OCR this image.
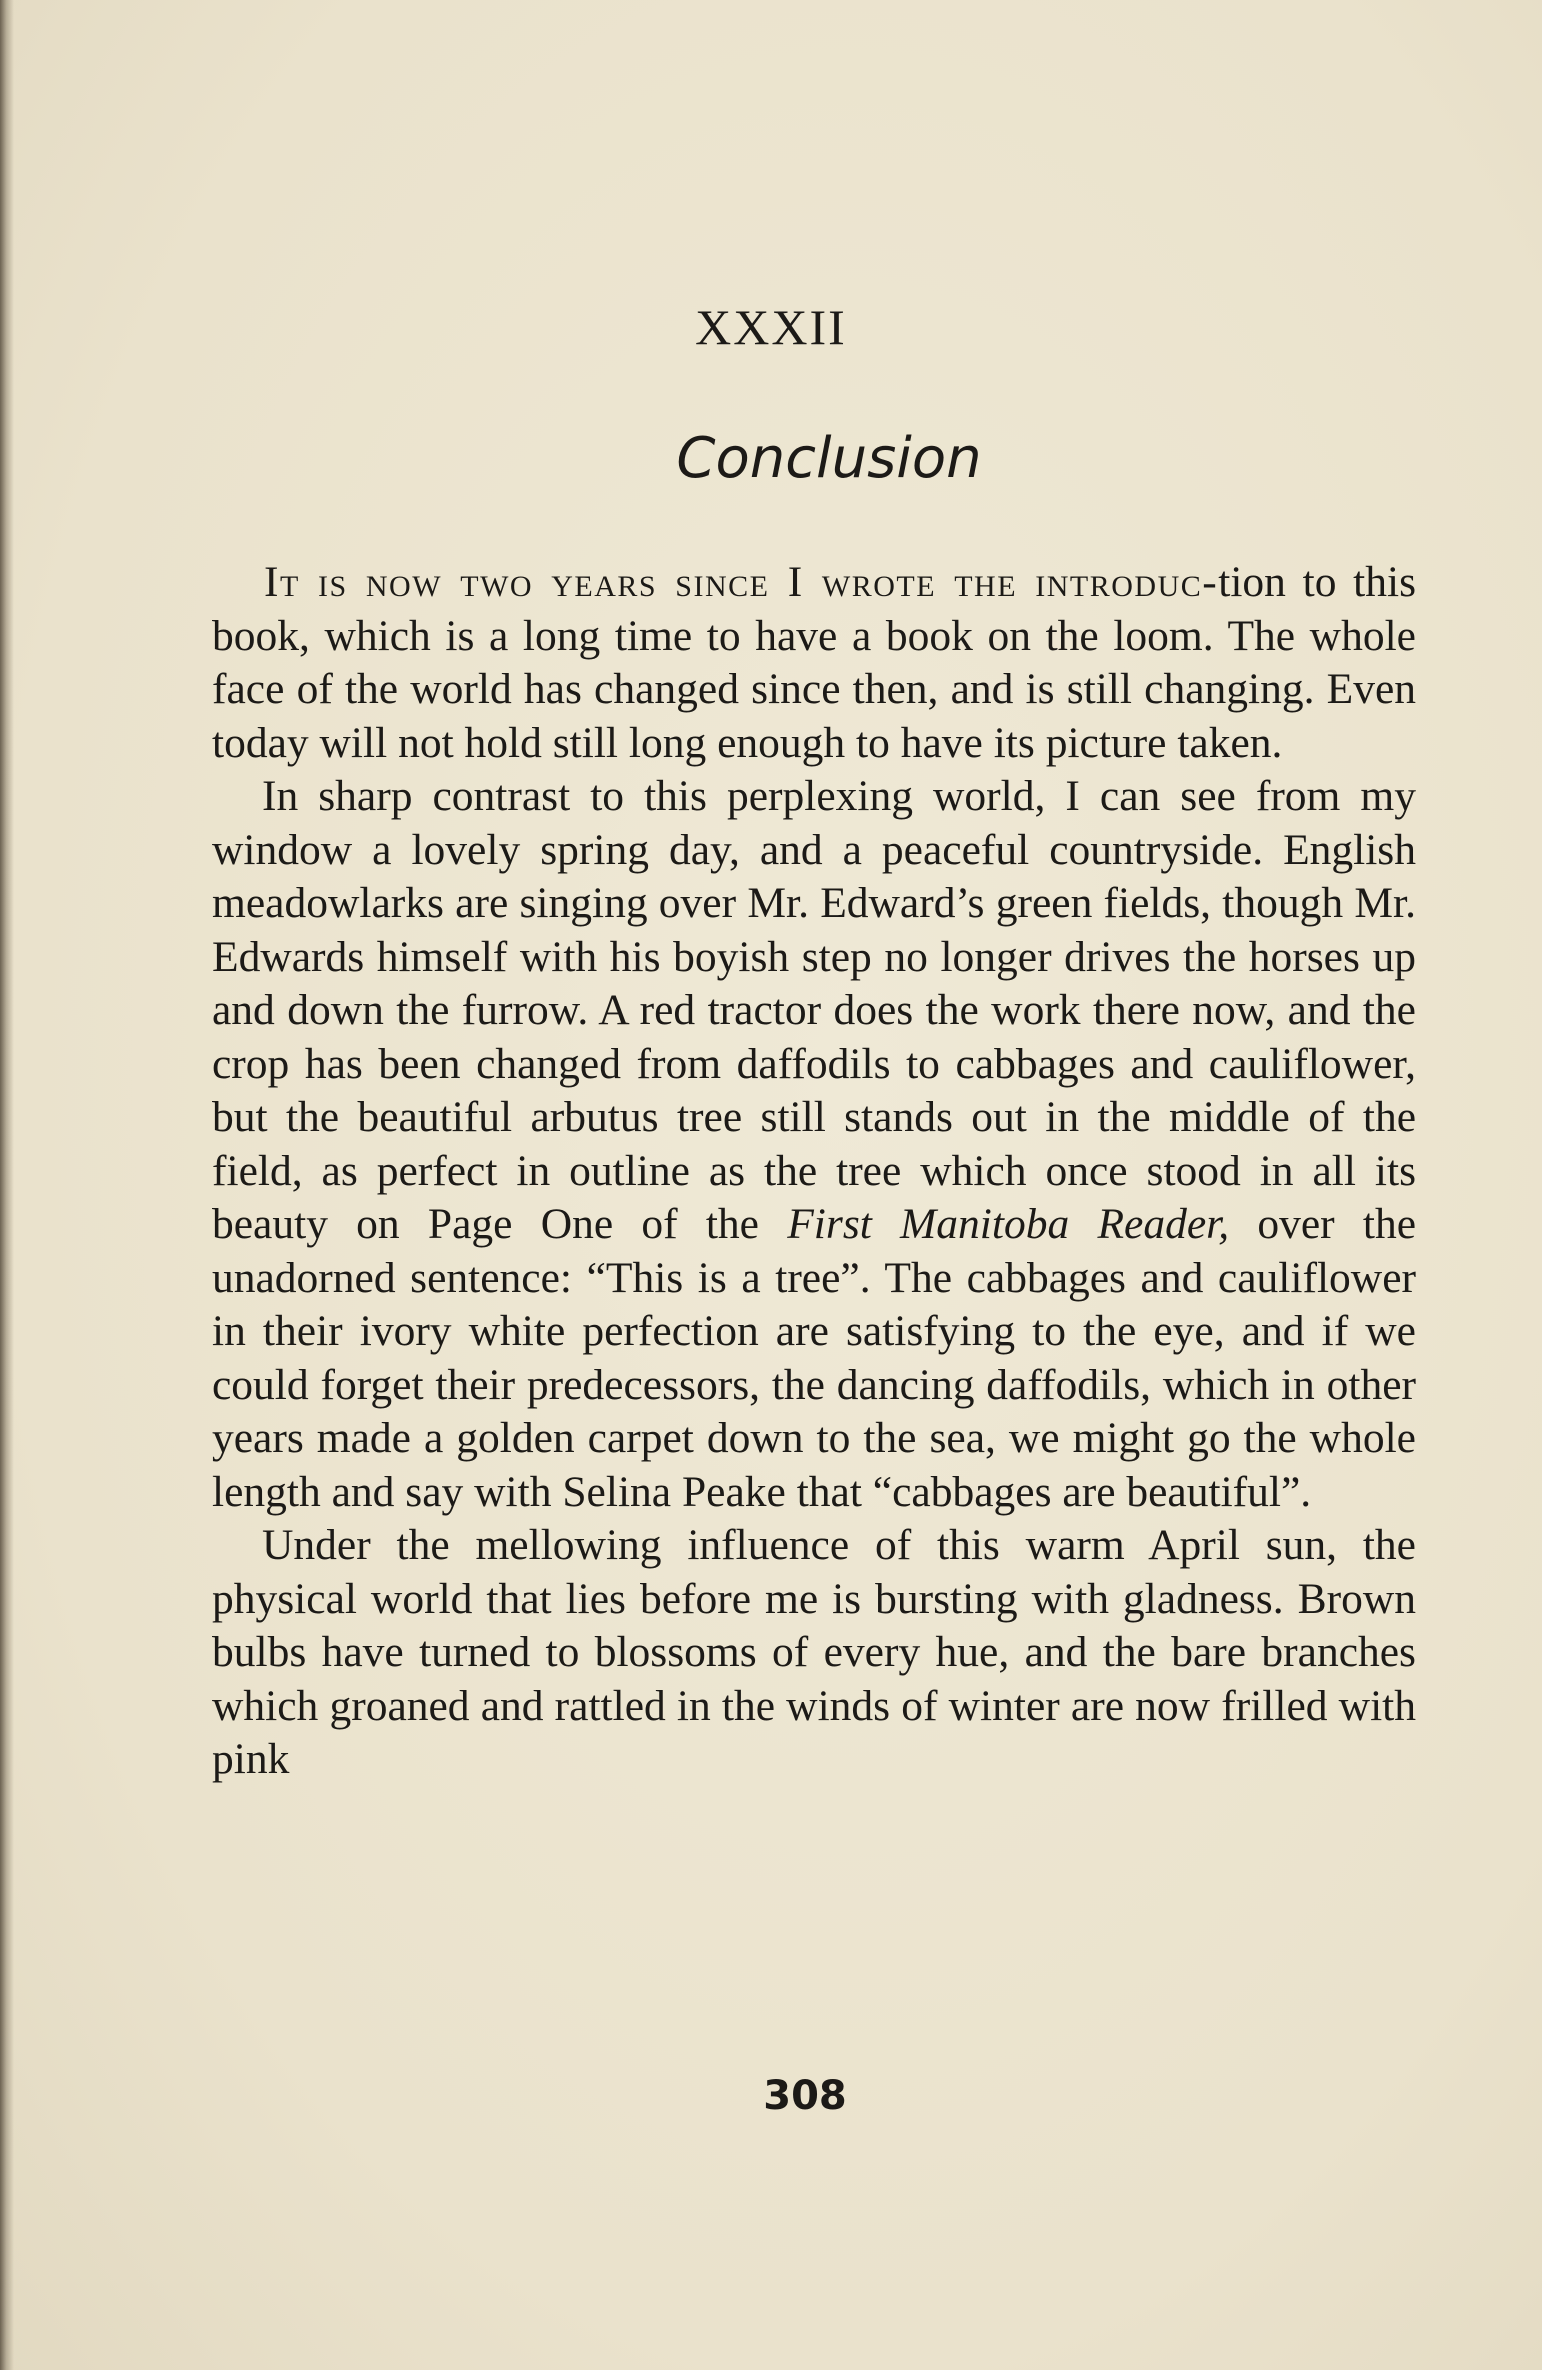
XXXII
Conclusion

It is now two years since I wrote the introduc-tion to this book, which is a long time to have a book on the loom. The whole face of the world has changed since then, and is still changing. Even today will not hold still long enough to have its picture taken.

In sharp contrast to this perplexing world, I can see from my window a lovely spring day, and a peaceful countryside. English meadowlarks are singing over Mr. Edward’s green fields, though Mr. Edwards himself with his boyish step no longer drives the horses up and down the furrow. A red tractor does the work there now, and the crop has been changed from daffodils to cabbages and cauliflower, but the beautiful arbutus tree still stands out in the middle of the field, as perfect in outline as the tree which once stood in all its beauty on Page One of the First Manitoba Reader, over the unadorned sentence: “This is a tree”. The cabbages and cauliflower in their ivory white perfection are satisfying to the eye, and if we could forget their predecessors, the dancing daffodils, which in other years made a golden carpet down to the sea, we might go the whole length and say with Selina Peake that “cabbages are beautiful”.

Under the mellowing influence of this warm April sun, the physical world that lies before me is bursting with gladness. Brown bulbs have turned to blossoms of every hue, and the bare branches which groaned and rattled in the winds of winter are now frilled with pink

308
